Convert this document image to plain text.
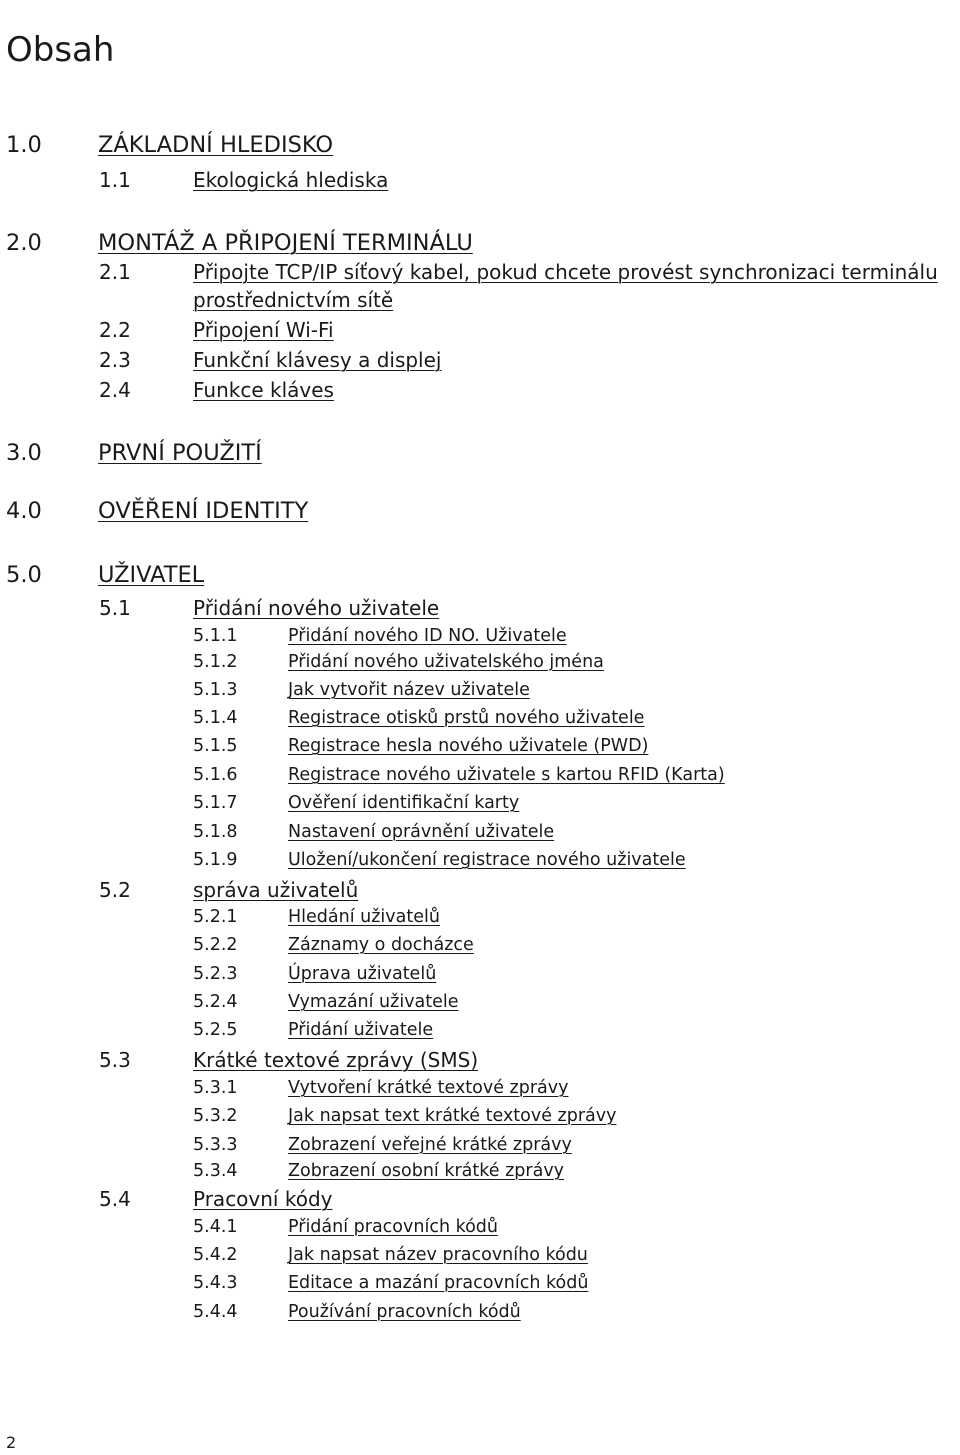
Obsah
1.0 ZÁKLADNÍ HLEDISKO
1.1	Ekologická hlediska
2.0 MONTÁŽ A PŘIPOJENÍ TERMINÁLU
2.1	Připojte TCP/IP síťový kabel, pokud chcete provést synchronizaci terminálu
prostřednictvím sítě
2.2	Připojení Wi-Fi
2.3	Funkční klávesy a displej
2.4	Funkce kláves
3.0 PRVNÍ POUŽITÍ
4.0 OVĚŘENÍ IDENTITY
5.0 UŽIVATEL
5.1	Přidání nového uživatele
5.1.1	Přidání nového ID NO. Uživatele
5.1.2	Přidání nového uživatelského jména
5.1.3	Jak vytvořit název uživatele
5.1.4	Registrace otisků prstů nového uživatele
5.1.5	Registrace hesla nového uživatele (PWD)
5.1.6	Registrace nového uživatele s kartou RFID (Karta)
5.1.7	Ověření identifikační karty
5.1.8	Nastavení oprávnění uživatele
5.1.9	Uložení/ukončení registrace nového uživatele
5.2	správa uživatelů
5.2.1	Hledání uživatelů
5.2.2	Záznamy o docházce
5.2.3	Úprava uživatelů
5.2.4	Vymazání uživatele
5.2.5	Přidání uživatele
5.3	Krátké textové zprávy (SMS)
5.3.1	Vytvoření krátké textové zprávy
5.3.2	Jak napsat text krátké textové zprávy
5.3.3	Zobrazení veřejné krátké zprávy
5.3.4	Zobrazení osobní krátké zprávy
5.4	Pracovní kódy
5.4.1	Přidání pracovních kódů
5.4.2	Jak napsat název pracovního kódu
5.4.3	Editace a mazání pracovních kódů
5.4.4	Používání pracovních kódů
2
